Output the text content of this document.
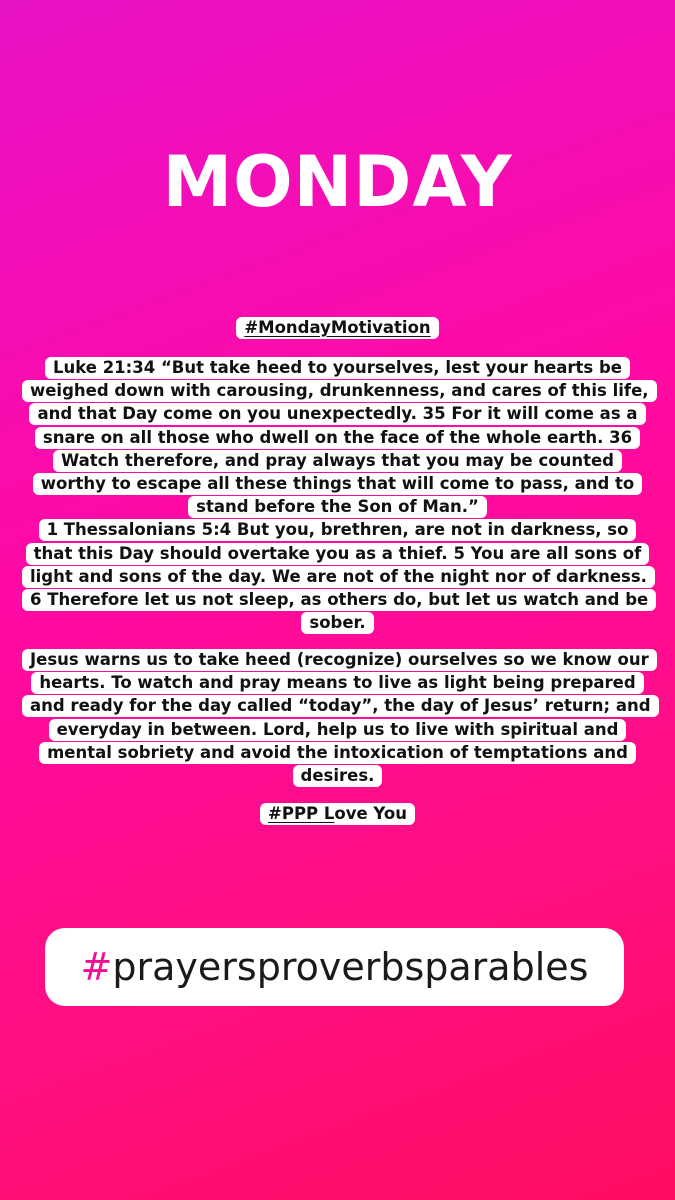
MONDAY
#MondayMotivation
Luke 21:34 “But take heed to yourselves, lest your hearts be weighed down with carousing, drunkenness, and cares of this life, and that Day come on you unexpectedly. 35 For it will come as a snare on all those who dwell on the face of the whole earth. 36 Watch therefore, and pray always that you may be counted worthy to escape all these things that will come to pass, and to stand before the Son of Man.”
1 Thessalonians 5:4 But you, brethren, are not in darkness, so that this Day should overtake you as a thief. 5 You are all sons of light and sons of the day. We are not of the night nor of darkness. 6 Therefore let us not sleep, as others do, but let us watch and be sober.
Jesus warns us to take heed (recognize) ourselves so we know our hearts. To watch and pray means to live as light being prepared and ready for the day called “today”, the day of Jesus’ return; and everyday in between. Lord, help us to live with spiritual and mental sobriety and avoid the intoxication of temptations and desires.
#PPP Love You
# prayersproverbsparables
